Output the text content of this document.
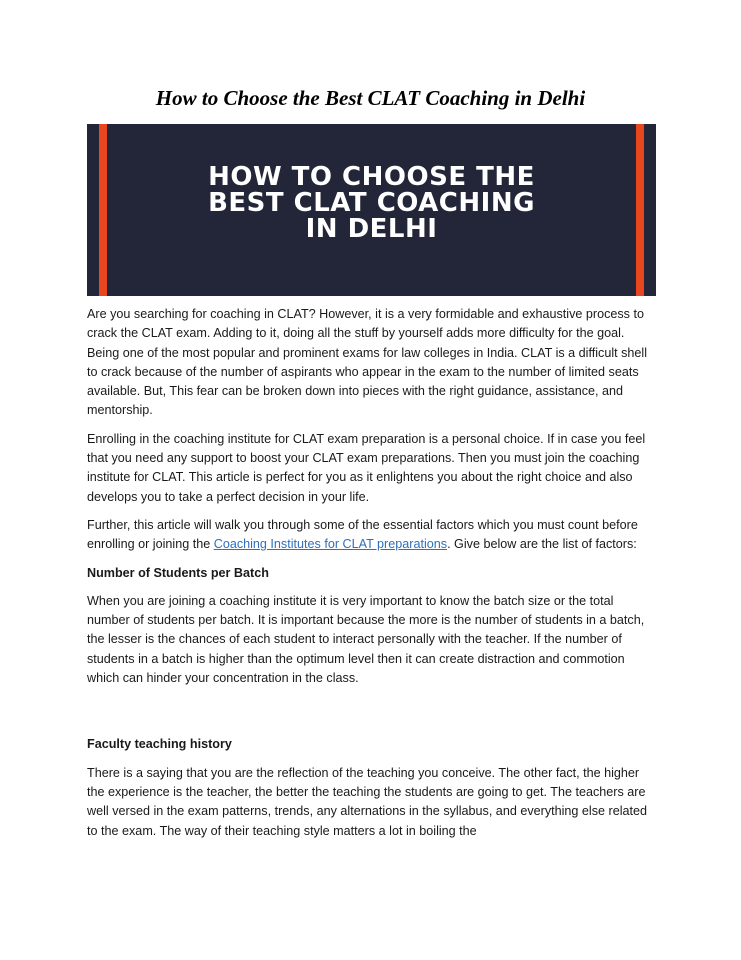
How to Choose the Best CLAT Coaching in Delhi
HOW TO CHOOSE THE
BEST CLAT COACHING
IN DELHI

Are you searching for coaching in CLAT? However, it is a very formidable and exhaustive process to crack the CLAT exam. Adding to it, doing all the stuff by yourself adds more difficulty for the goal. Being one of the most popular and prominent exams for law colleges in India. CLAT is a difficult shell to crack because of the number of aspirants who appear in the exam to the number of limited seats available. But, This fear can be broken down into pieces with the right guidance, assistance, and mentorship.

Enrolling in the coaching institute for CLAT exam preparation is a personal choice. If in case you feel that you need any support to boost your CLAT exam preparations. Then you must join the coaching institute for CLAT. This article is perfect for you as it enlightens you about the right choice and also develops you to take a perfect decision in your life.

Further, this article will walk you through some of the essential factors which you must count before enrolling or joining the Coaching Institutes for CLAT preparations. Give below are the list of factors:

Number of Students per Batch

When you are joining a coaching institute it is very important to know the batch size or the total number of students per batch. It is important because the more is the number of students in a batch, the lesser is the chances of each student to interact personally with the teacher. If the number of students in a batch is higher than the optimum level then it can create distraction and commotion which can hinder your concentration in the class.

Faculty teaching history

There is a saying that you are the reflection of the teaching you conceive. The other fact, the higher the experience is the teacher, the better the teaching the students are going to get. The teachers are well versed in the exam patterns, trends, any alternations in the syllabus, and everything else related to the exam. The way of their teaching style matters a lot in boiling the
